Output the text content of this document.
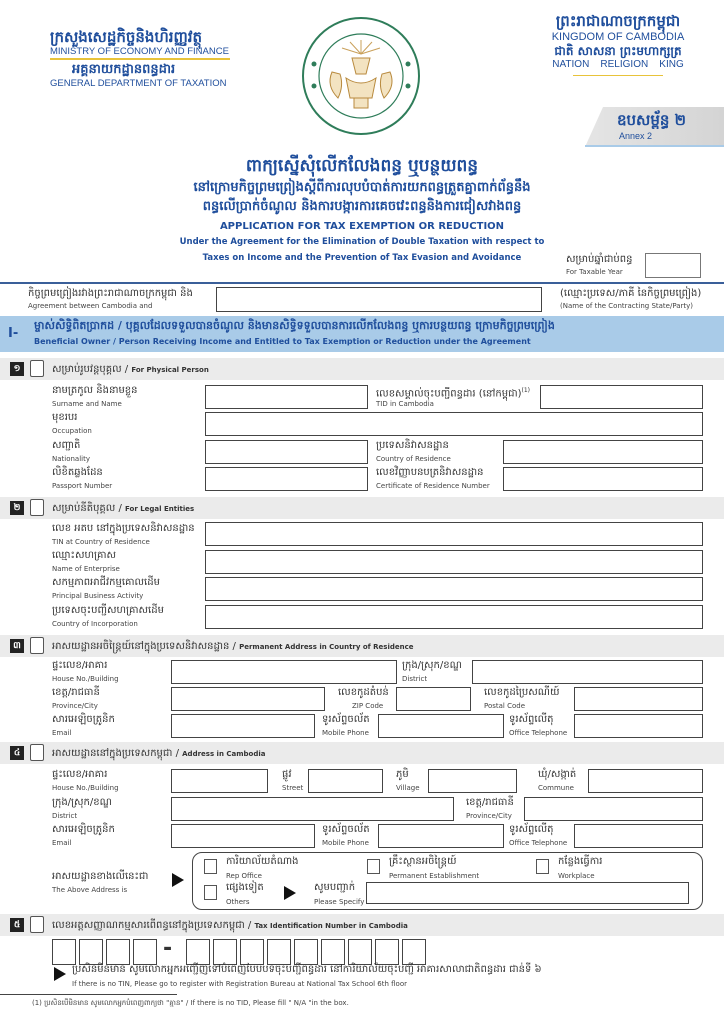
ក្រសួងសេដ្ឋកិច្ចនិងហិរញ្ញវត្ថុ
MINISTRY OF ECONOMY AND FINANCE
អគ្គនាយកដ្ឋានពន្ធដារ
GENERAL DEPARTMENT OF TAXATION
ព្រះរាជាណាចក្រកម្ពុជា
KINGDOM OF CAMBODIA
ជាតិ សាសនា ព្រះមហាក្សត្រ
NATION    RELIGION    KING
ឧបសម្ព័ន្ធ ២
Annex 2
ពាក្យស្នើសុំលើកលែងពន្ធ ឬបន្ថយពន្ធ
នៅក្រោមកិច្ចព្រមព្រៀងស្តីពីការលុបបំបាត់ការយកពន្ធត្រួតគ្នាពាក់ព័ន្ធនឹង
ពន្ធលើប្រាក់ចំណូល និងការបង្ការការគេចវេះពន្ធនិងការជៀសវាងពន្ធ
APPLICATION FOR TAX EXEMPTION OR REDUCTION
Under the Agreement for the Elimination of Double Taxation with respect to
Taxes on Income and the Prevention of Tax Evasion and Avoidance	សម្រាប់ឆ្នាំជាប់ពន្ធ
For Taxable Year
កិច្ចព្រមព្រៀងរវាងព្រះរាជាណាចក្រកម្ពុជា និង
Agreement between Cambodia and
(ឈ្មោះប្រទេស/ភាគី នៃកិច្ចព្រមព្រៀង)
(Name of the Contracting State/Party)
I-
ម្ចាស់សិទ្ធិពិតប្រាកដ / បុគ្គលដែលទទួលបានចំណូល និងមានសិទ្ធិទទួលបានការលើកលែងពន្ធ ឬការបន្ថយពន្ធ ក្រោមកិច្ចព្រមព្រៀង
Beneficial Owner / Person Receiving Income and Entitled to Tax Exemption or Reduction under the Agreement
១	សម្រាប់រូបវន្តបុគ្គល / For Physical Person
នាមត្រកូល និងនាមខ្លួន
Surname and Name
លេខសម្គាល់ចុះបញ្ជីពន្ធដារ (នៅកម្ពុជា)$^{(1)}$
TID in Cambodia
មុខរបរ
Occupation
សញ្ជាតិ
Nationality
ប្រទេសនិវាសនដ្ឋាន
Country of Residence
លិខិតឆ្លងដែន
Passport Number
លេខវិញ្ញាបនបត្រនិវាសនដ្ឋាន
Certificate of Residence Number
២	សម្រាប់នីតិបុគ្គល / For Legal Entities
លេខ អតប នៅក្នុងប្រទេសនិវាសនដ្ឋាន
TIN at Country of Residence
ឈ្មោះសហគ្រាស
Name of Enterprise
សកម្មភាពអាជីវកម្មគោលដើម
Principal Business Activity
ប្រទេសចុះបញ្ជីសហគ្រាសដើម
Country of Incorporation
៣	អាសយដ្ឋានអចិន្ត្រៃយ៍នៅក្នុងប្រទេសនិវាសនដ្ឋាន / Permanent Address in Country of Residence
ផ្ទះលេខ/អាគារ
House No./Building
ក្រុង/ស្រុក/ខណ្ឌ
District
ខេត្ត/រាជធានី
Province/City
លេខកូដតំបន់
ZIP Code
លេខកូដប្រៃសណីយ៍
Postal Code
សារអេឡិចត្រូនិក
Email
ទូរស័ព្ទចល័ត
Mobile Phone
ទូរស័ព្ទលើតុ
Office Telephone
៤	អាសយដ្ឋាននៅក្នុងប្រទេសកម្ពុជា / Address in Cambodia
ផ្ទះលេខ/អាគារ
House No./Building
ផ្លូវ
Street
ភូមិ
Village
ឃុំ/សង្កាត់
Commune
ក្រុង/ស្រុក/ខណ្ឌ
District
ខេត្ត/រាជធានី
Province/City
សារអេឡិចត្រូនិក
Email
ទូរស័ព្ទចល័ត
Mobile Phone
ទូរស័ព្ទលើតុ
Office Telephone
អាសយដ្ឋានខាងលើនេះជា
The Above Address is
ការិយាល័យតំណាង
Rep Office
គ្រឹះស្ថានអចិន្ត្រៃយ៍
Permanent Establishment
កន្លែងធ្វើការ
Workplace
ផ្សេងទៀត
Others
សូមបញ្ជាក់
Please Specify
៥	លេខអត្តសញ្ញាណកម្មសារពើពន្ធនៅក្នុងប្រទេសកម្ពុជា / Tax Identification Number in Cambodia
-
ប្រសិនមិនមាន សូមលោកអ្នកអញ្ជើញទៅបំពេញបែបបទចុះបញ្ជីពន្ធដារ នៅការិយាល័យចុះបញ្ជី អាគារសាលាជាតិពន្ធដារ ជាន់ទី ៦
If there is no TIN, Please go to register with Registration Bureau at National Tax School 6th floor
(1) ប្រសិនបើមិនមាន សូមលោកអ្នកបំពេញពាក្យថា "គ្មាន" / If there is no TID, Please fill " N/A "in the box.
